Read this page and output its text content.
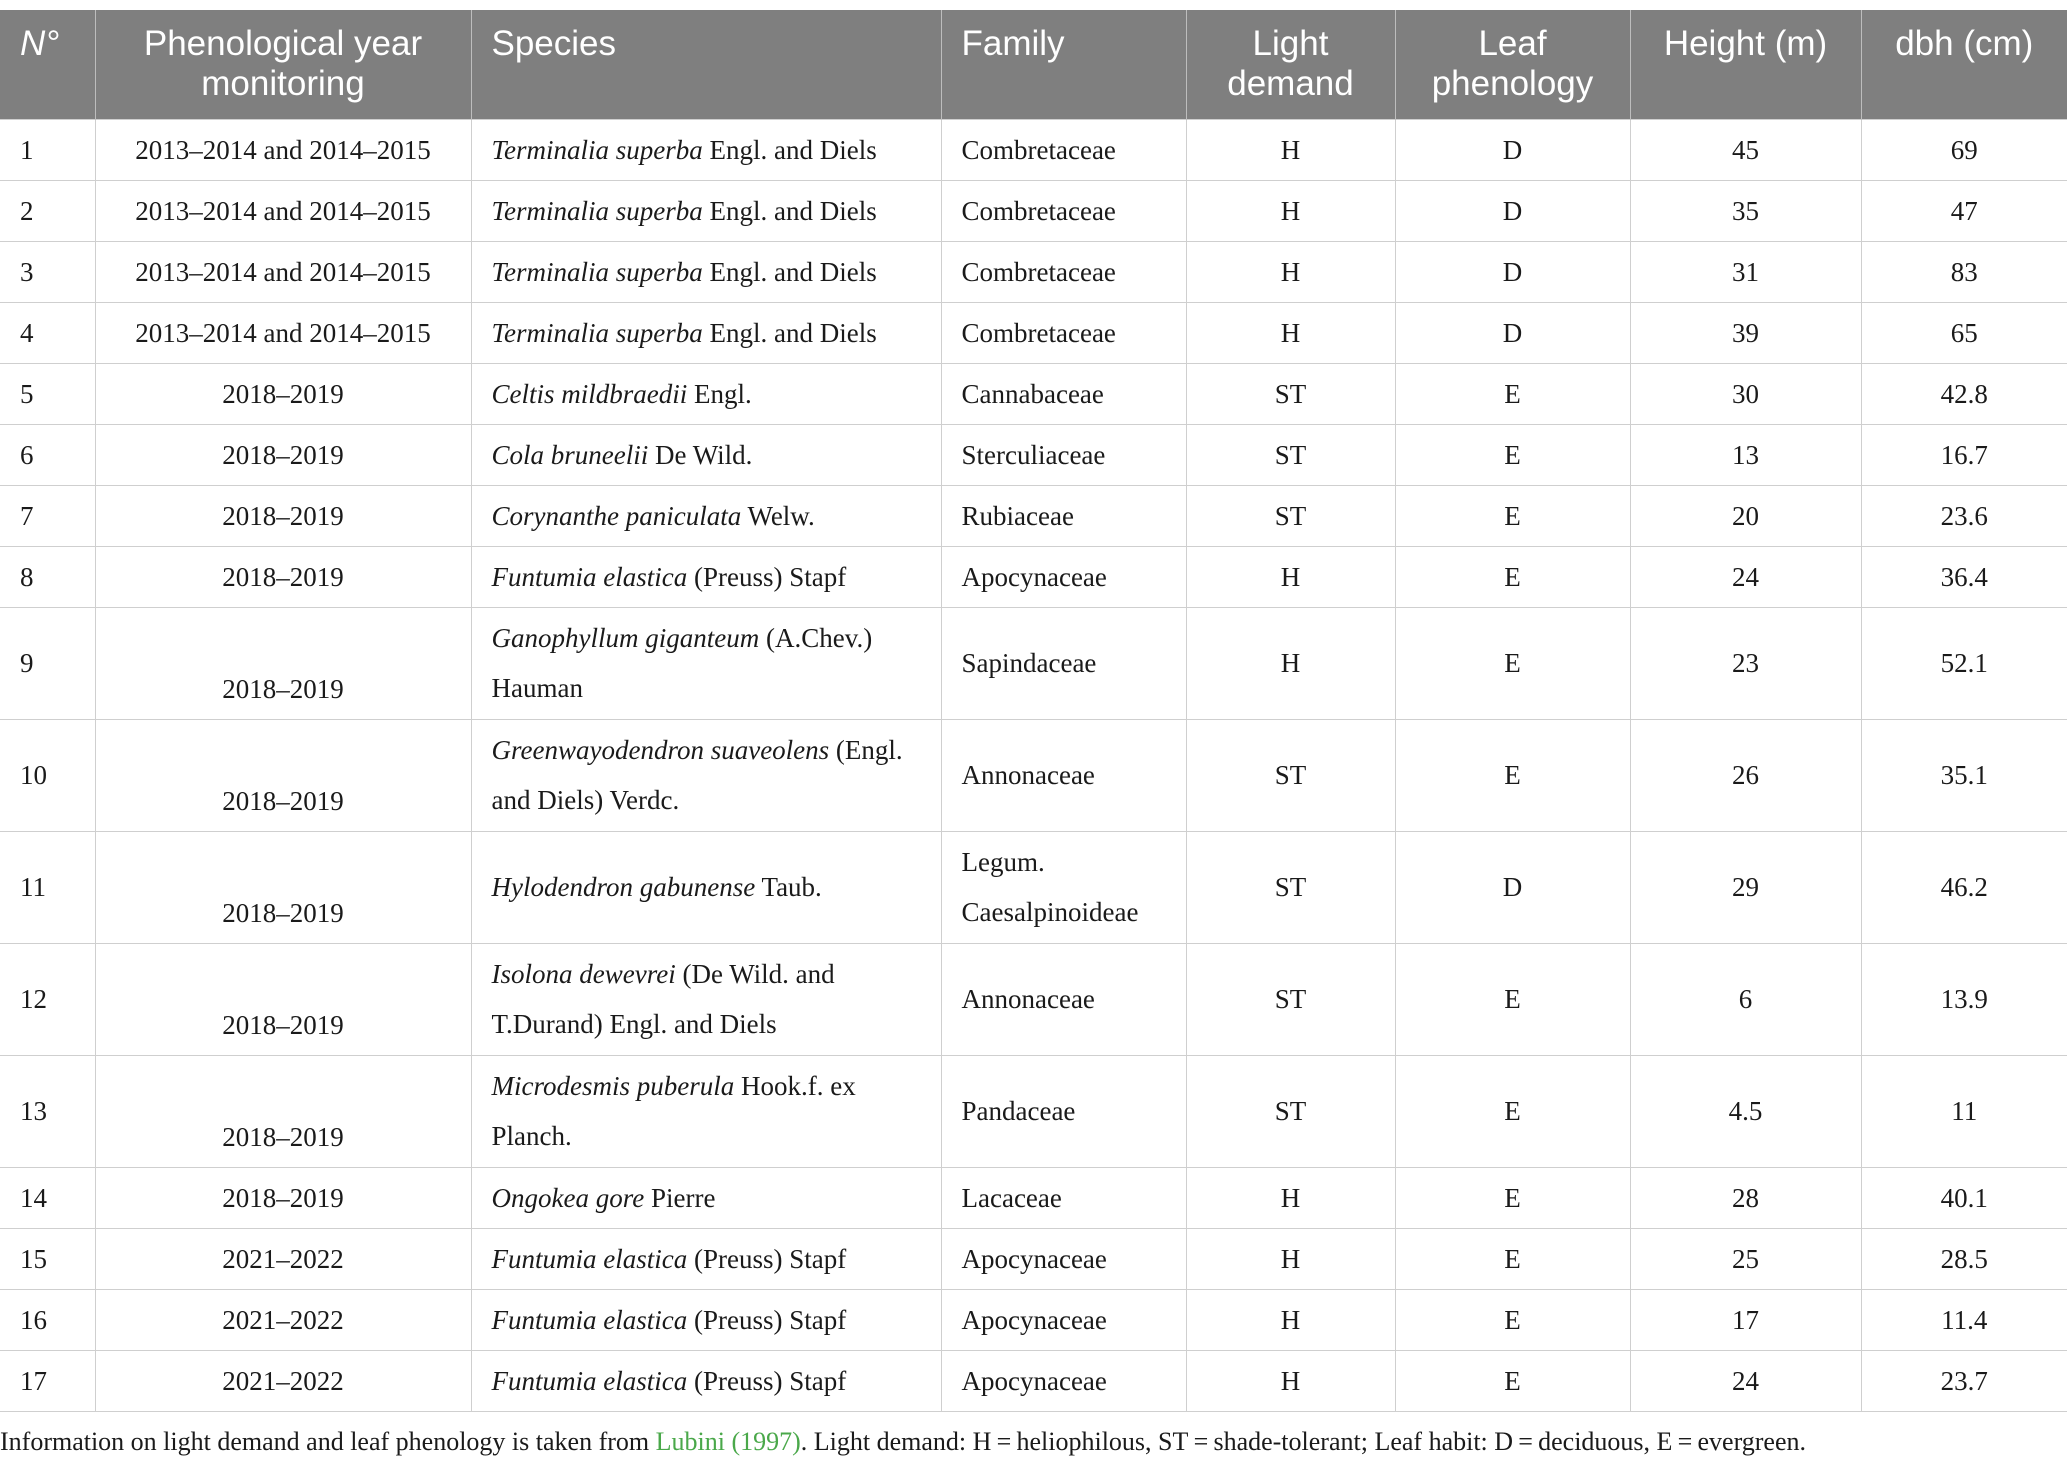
N°	Phenological year monitoring	Species	Family	Light demand	Leaf phenology	Height (m)	dbh (cm)
1	2013–2014 and 2014–2015	Terminalia superba Engl. and Diels	Combretaceae	H	D	45	69
2	2013–2014 and 2014–2015	Terminalia superba Engl. and Diels	Combretaceae	H	D	35	47
3	2013–2014 and 2014–2015	Terminalia superba Engl. and Diels	Combretaceae	H	D	31	83
4	2013–2014 and 2014–2015	Terminalia superba Engl. and Diels	Combretaceae	H	D	39	65
5	2018–2019	Celtis mildbraedii Engl.	Cannabaceae	ST	E	30	42.8
6	2018–2019	Cola bruneelii De Wild.	Sterculiaceae	ST	E	13	16.7
7	2018–2019	Corynanthe paniculata Welw.	Rubiaceae	ST	E	20	23.6
8	2018–2019	Funtumia elastica (Preuss) Stapf	Apocynaceae	H	E	24	36.4
9	2018–2019	Ganophyllum giganteum (A.Chev.) Hauman	Sapindaceae	H	E	23	52.1
10	2018–2019	Greenwayodendron suaveolens (Engl. and Diels) Verdc.	Annonaceae	ST	E	26	35.1
11	2018–2019	Hylodendron gabunense Taub.	Legum. Caesalpinoideae	ST	D	29	46.2
12	2018–2019	Isolona dewevrei (De Wild. and T.Durand) Engl. and Diels	Annonaceae	ST	E	6	13.9
13	2018–2019	Microdesmis puberula Hook.f. ex Planch.	Pandaceae	ST	E	4.5	11
14	2018–2019	Ongokea gore Pierre	Lacaceae	H	E	28	40.1
15	2021–2022	Funtumia elastica (Preuss) Stapf	Apocynaceae	H	E	25	28.5
16	2021–2022	Funtumia elastica (Preuss) Stapf	Apocynaceae	H	E	17	11.4
17	2021–2022	Funtumia elastica (Preuss) Stapf	Apocynaceae	H	E	24	23.7
Information on light demand and leaf phenology is taken from Lubini (1997). Light demand: H = heliophilous, ST = shade-tolerant; Leaf habit: D = deciduous, E = evergreen.
